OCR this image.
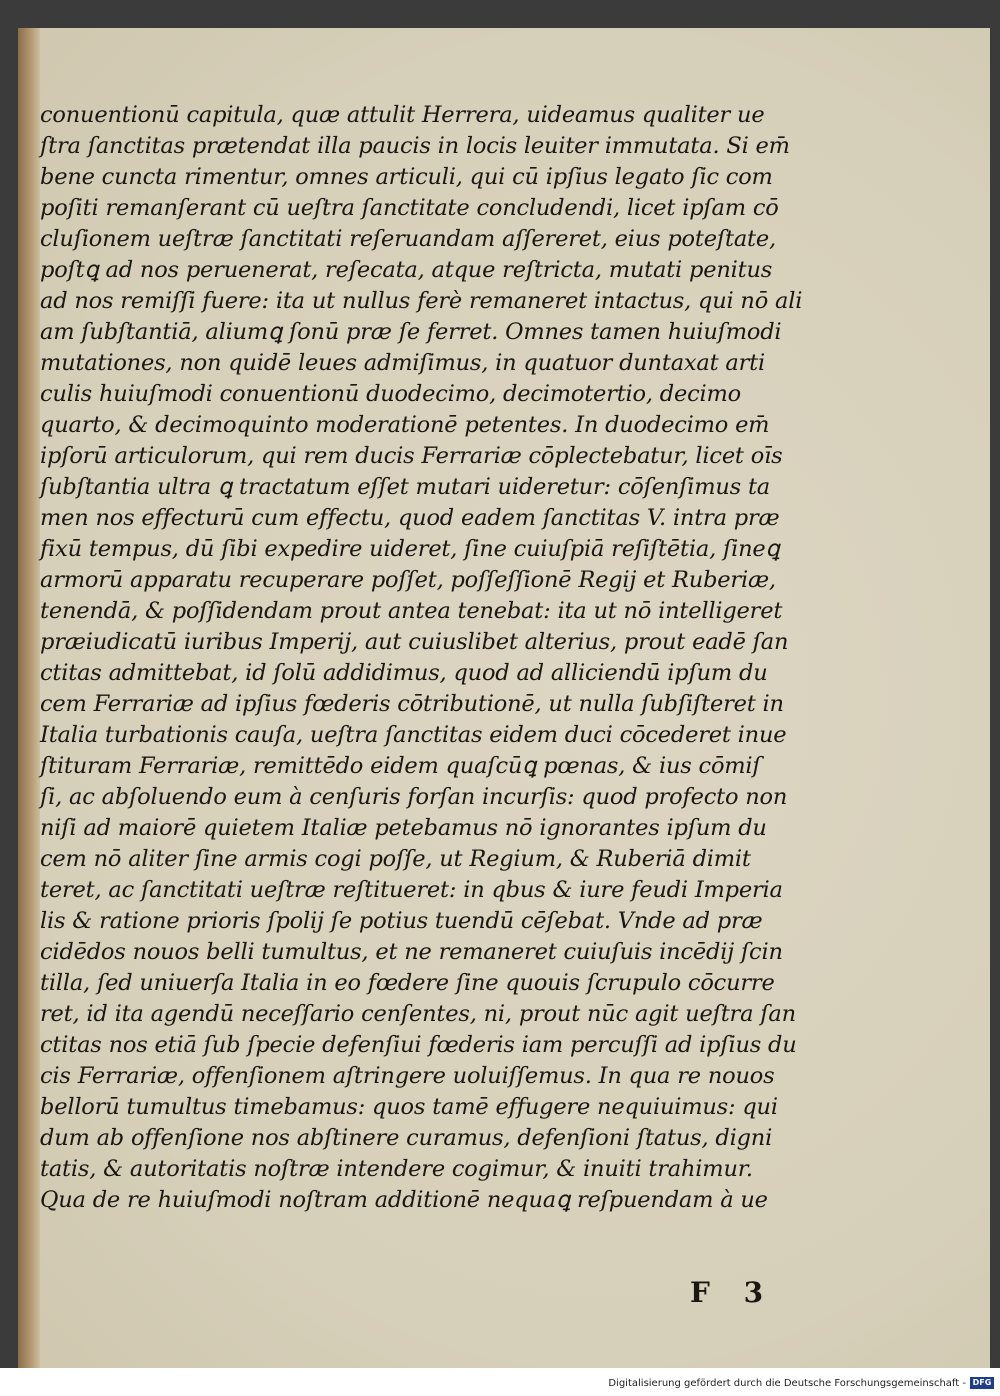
conuentionū capitula, quæ attulit Herrera, uideamus qualiter ue
ſtra ſanctitas prætendat illa paucis in locis leuiter immutata. Si em̄
bene cuncta rimentur, omnes articuli, qui cū ipſius legato ſic com
poſiti remanſerant cū ueſtra ſanctitate concludendi, licet ipſam cō
cluſionem ueſtræ ſanctitati reſeruandam aſſereret, eius poteſtate,
poſtꝗ ad nos peruenerat, reſecata, atque reſtricta, mutati penitus
ad nos remiſſi fuere: ita ut nullus ferè remaneret intactus, qui nō ali
am ſubſtantiā, aliumꝗ ſonū præ ſe ferret. Omnes tamen huiuſmodi
mutationes, non quidē leues admiſimus, in quatuor duntaxat arti
culis huiuſmodi conuentionū duodecimo, decimotertio, decimo
quarto, & decimoquinto moderationē petentes. In duodecimo em̄
ipſorū articulorum, qui rem ducis Ferrariæ cōplectebatur, licet oīs
ſubſtantia ultra ꝗ tractatum eſſet mutari uideretur: cōſenſimus ta
men nos effecturū cum effectu, quod eadem ſanctitas V. intra præ
fixū tempus, dū ſibi expedire uideret, ſine cuiuſpiā reſiſtētia, ſineꝗ
armorū apparatu recuperare poſſet, poſſeſſionē Regij et Ruberiæ,
tenendā, & poſſidendam prout antea tenebat: ita ut nō intelligeret
præiudicatū iuribus Imperij, aut cuiuslibet alterius, prout eadē ſan
ctitas admittebat, id ſolū addidimus, quod ad alliciendū ipſum du
cem Ferrariæ ad ipſius fœderis cōtributionē, ut nulla ſubſiſteret in
Italia turbationis cauſa, ueſtra ſanctitas eidem duci cōcederet inue
ſtituram Ferrariæ, remittēdo eidem quaſcūꝗ pœnas, & ius cōmiſ
ſi, ac abſoluendo eum à cenſuris forſan incurſis: quod profecto non
niſi ad maiorē quietem Italiæ petebamus nō ignorantes ipſum du
cem nō aliter ſine armis cogi poſſe, ut Regium, & Ruberiā dimit
teret, ac ſanctitati ueſtræ reſtitueret: in qbus & iure feudi Imperia
lis & ratione prioris ſpolij ſe potius tuendū cēſebat. Vnde ad præ
cidēdos nouos belli tumultus, et ne remaneret cuiuſuis incēdij ſcin
tilla, ſed uniuerſa Italia in eo fœdere ſine quouis ſcrupulo cōcurre
ret, id ita agendū neceſſario cenſentes, ni, prout nūc agit ueſtra ſan
ctitas nos etiā ſub ſpecie defenſiui fœderis iam percuſſi ad ipſius du
cis Ferrariæ, offenſionem aſtringere uoluiſſemus. In qua re nouos
bellorū tumultus timebamus: quos tamē effugere nequiuimus: qui
dum ab offenſione nos abſtinere curamus, defenſioni ſtatus, digni
tatis, & autoritatis noſtræ intendere cogimur, & inuiti trahimur.
Qua de re huiuſmodi noſtram additionē nequaꝗ reſpuendam à ue
F 3
Digitalisierung gefördert durch die Deutsche Forschungsgemeinschaft - DFG
